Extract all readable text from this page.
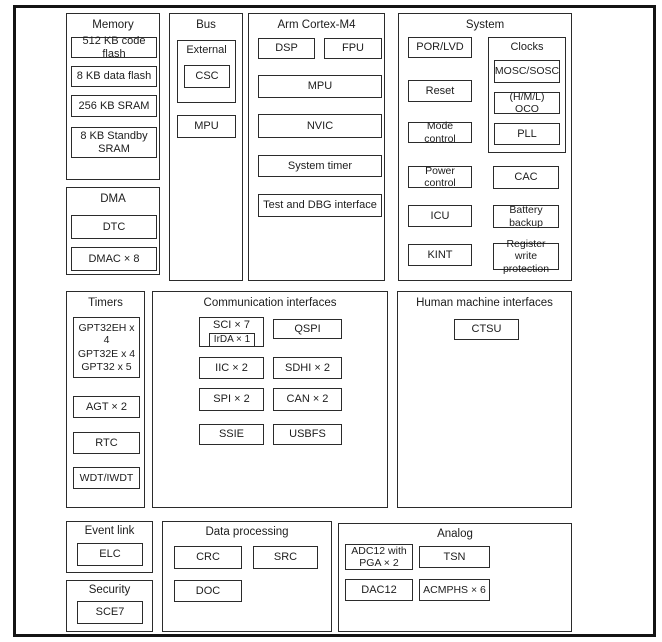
Memory
512 KB code flash
8 KB data flash
256 KB SRAM
8 KB Standby SRAM
DMA
DTC
DMAC × 8
Bus
External
CSC
MPU
Arm Cortex-M4
DSP	FPU
MPU
NVIC
System timer
Test and DBG interface
System
POR/LVD
Reset
Mode control
Power control
ICU
KINT
Clocks
MOSC/SOSC
(H/M/L) OCO
PLL
CAC
Battery backup
Register write protection
Timers
GPT32EH x 4
GPT32E x 4
GPT32 x 5
AGT × 2
RTC
WDT/IWDT
Communication interfaces
SCI × 7
IrDA × 1
QSPI
IIC × 2	SDHI × 2
SPI × 2	CAN × 2
SSIE	USBFS
Human machine interfaces
CTSU
Event link
ELC
Security
SCE7
Data processing
CRC	SRC
DOC
Analog
ADC12 with PGA × 2
TSN
DAC12	ACMPHS × 6
